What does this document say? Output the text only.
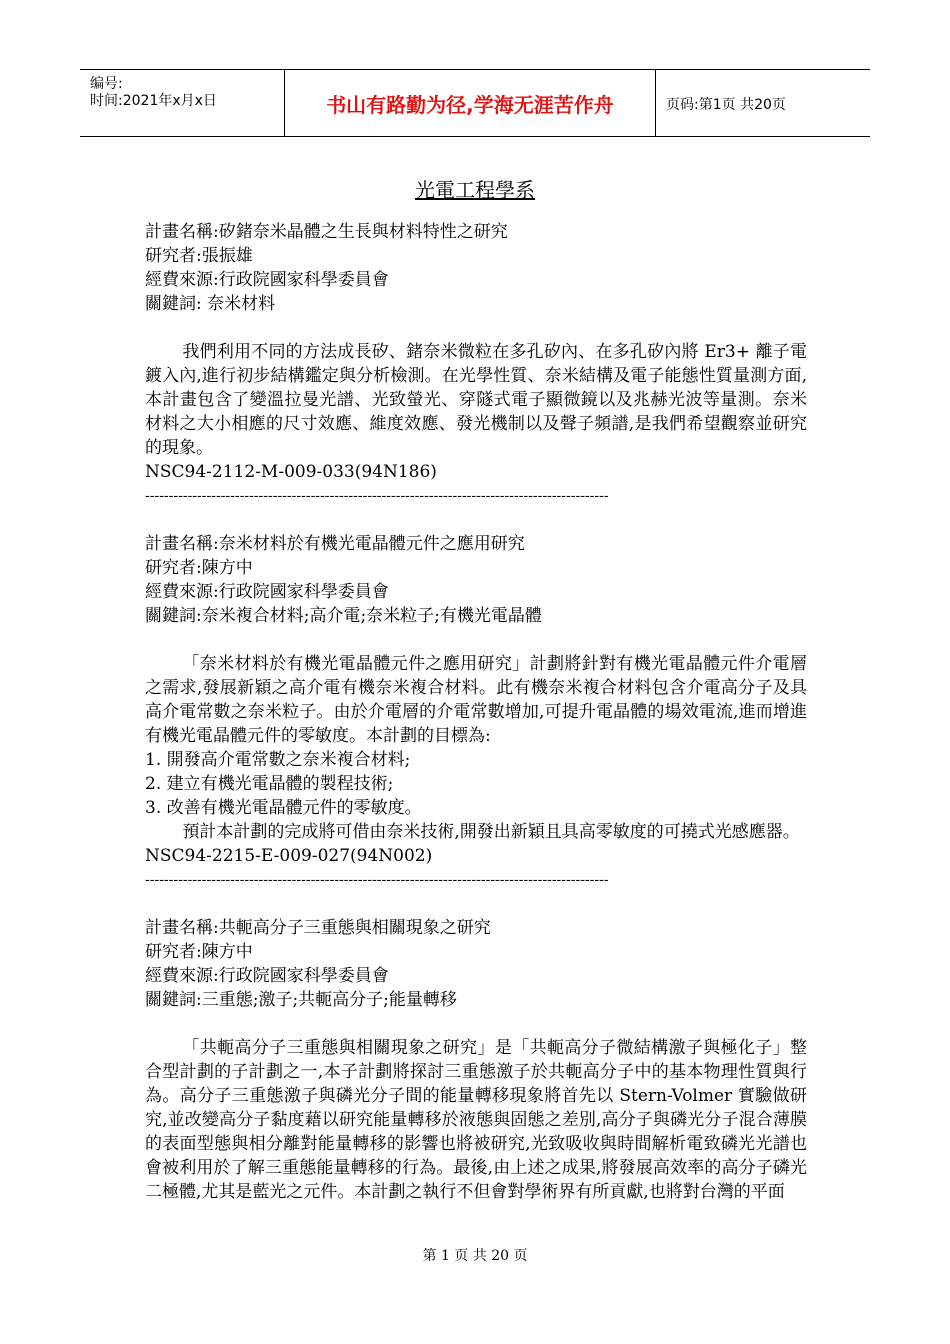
编号:
时间:2021年x月x日	书山有路勤为径,学海无涯苦作舟	页码:第1页 共20页
光電工程學系

計畫名稱:矽鍺奈米晶體之生長與材料特性之研究

研究者:張振雄

經費來源:行政院國家科學委員會

關鍵詞: 奈米材料

我們利用不同的方法成長矽、鍺奈米微粒在多孔矽內、在多孔矽內將 Er3+ 離子電鍍入內,進行初步結構鑑定與分析檢測。在光學性質、奈米結構及電子能態性質量測方面,本計畫包含了變溫拉曼光譜、光致螢光、穿隧式電子顯微鏡以及兆赫光波等量測。奈米材料之大小相應的尺寸效應、維度效應、發光機制以及聲子頻譜,是我們希望觀察並研究的現象。

NSC94-2112-M-009-033(94N186)

--------------------------------------------------------------------------------------------------

計畫名稱:奈米材料於有機光電晶體元件之應用研究

研究者:陳方中

經費來源:行政院國家科學委員會

關鍵詞:奈米複合材料;高介電;奈米粒子;有機光電晶體

「奈米材料於有機光電晶體元件之應用研究」計劃將針對有機光電晶體元件介電層之需求,發展新穎之高介電有機奈米複合材料。此有機奈米複合材料包含介電高分子及具高介電常數之奈米粒子。由於介電層的介電常數增加,可提升電晶體的場效電流,進而增進有機光電晶體元件的零敏度。本計劃的目標為:

1. 開發高介電常數之奈米複合材料;

2. 建立有機光電晶體的製程技術;

3. 改善有機光電晶體元件的零敏度。

預計本計劃的完成將可借由奈米技術,開發出新穎且具高零敏度的可撓式光感應器。

NSC94-2215-E-009-027(94N002)

--------------------------------------------------------------------------------------------------

計畫名稱:共軛高分子三重態與相關現象之研究

研究者:陳方中

經費來源:行政院國家科學委員會

關鍵詞:三重態;激子;共軛高分子;能量轉移

「共軛高分子三重態與相關現象之研究」是「共軛高分子微結構激子與極化子」整合型計劃的子計劃之一,本子計劃將探討三重態激子於共軛高分子中的基本物理性質與行為。高分子三重態激子與磷光分子間的能量轉移現象將首先以 Stern-Volmer 實驗做研究,並改變高分子黏度藉以研究能量轉移於液態與固態之差別,高分子與磷光分子混合薄膜的表面型態與相分離對能量轉移的影響也將被研究,光致吸收與時間解析電致磷光光譜也會被利用於了解三重態能量轉移的行為。最後,由上述之成果,將發展高效率的高分子磷光二極體,尤其是藍光之元件。本計劃之執行不但會對學術界有所貢獻,也將對台灣的平面

第 1 页 共 20 页
